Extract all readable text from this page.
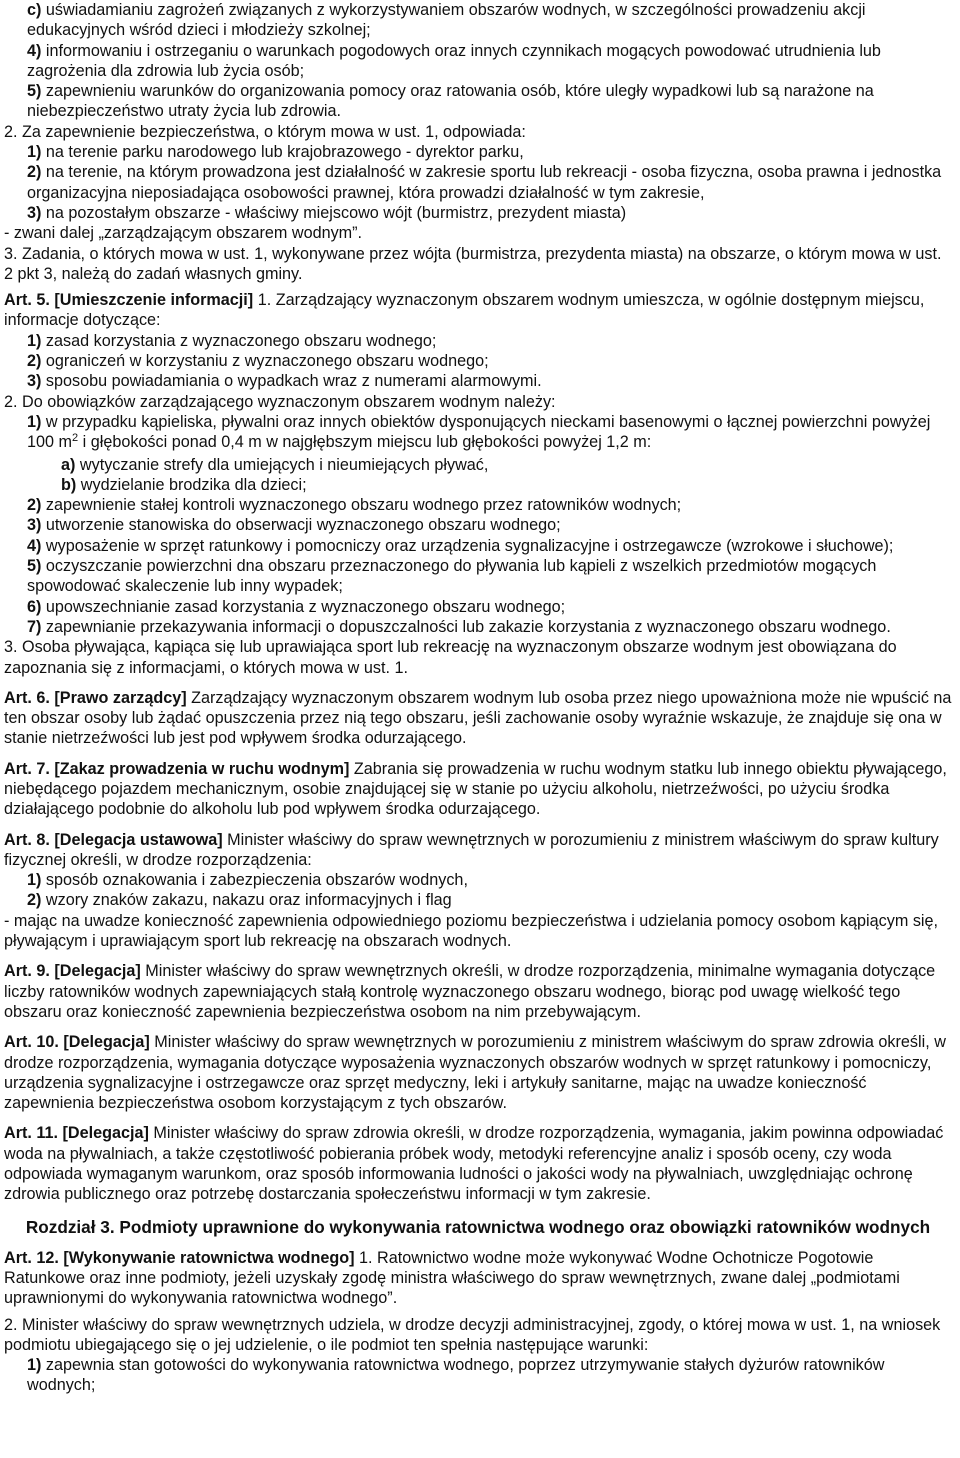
c) uświadamianiu zagrożeń związanych z wykorzystywaniem obszarów wodnych, w szczególności prowadzeniu akcji edukacyjnych wśród dzieci i młodzieży szkolnej;

4) informowaniu i ostrzeganiu o warunkach pogodowych oraz innych czynnikach mogących powodować utrudnienia lub zagrożenia dla zdrowia lub życia osób;

5) zapewnieniu warunków do organizowania pomocy oraz ratowania osób, które uległy wypadkowi lub są narażone na niebezpieczeństwo utraty życia lub zdrowia.

2. Za zapewnienie bezpieczeństwa, o którym mowa w ust. 1, odpowiada:

1) na terenie parku narodowego lub krajobrazowego - dyrektor parku,

2) na terenie, na którym prowadzona jest działalność w zakresie sportu lub rekreacji - osoba fizyczna, osoba prawna i jednostka organizacyjna nieposiadająca osobowości prawnej, która prowadzi działalność w tym zakresie,

3) na pozostałym obszarze - właściwy miejscowo wójt (burmistrz, prezydent miasta)

- zwani dalej „zarządzającym obszarem wodnym”.

3. Zadania, o których mowa w ust. 1, wykonywane przez wójta (burmistrza, prezydenta miasta) na obszarze, o którym mowa w ust. 2 pkt 3, należą do zadań własnych gminy.

Art. 5. [Umieszczenie informacji] 1. Zarządzający wyznaczonym obszarem wodnym umieszcza, w ogólnie dostępnym miejscu, informacje dotyczące:

1) zasad korzystania z wyznaczonego obszaru wodnego;

2) ograniczeń w korzystaniu z wyznaczonego obszaru wodnego;

3) sposobu powiadamiania o wypadkach wraz z numerami alarmowymi.

2. Do obowiązków zarządzającego wyznaczonym obszarem wodnym należy:

1) w przypadku kąpieliska, pływalni oraz innych obiektów dysponujących nieckami basenowymi o łącznej powierzchni powyżej 100 $m^2$ i głębokości ponad 0,4 m w najgłębszym miejscu lub głębokości powyżej 1,2 m:

a) wytyczanie strefy dla umiejących i nieumiejących pływać,

b) wydzielanie brodzika dla dzieci;

2) zapewnienie stałej kontroli wyznaczonego obszaru wodnego przez ratowników wodnych;

3) utworzenie stanowiska do obserwacji wyznaczonego obszaru wodnego;

4) wyposażenie w sprzęt ratunkowy i pomocniczy oraz urządzenia sygnalizacyjne i ostrzegawcze (wzrokowe i słuchowe);

5) oczyszczanie powierzchni dna obszaru przeznaczonego do pływania lub kąpieli z wszelkich przedmiotów mogących spowodować skaleczenie lub inny wypadek;

6) upowszechnianie zasad korzystania z wyznaczonego obszaru wodnego;

7) zapewnianie przekazywania informacji o dopuszczalności lub zakazie korzystania z wyznaczonego obszaru wodnego.

3. Osoba pływająca, kąpiąca się lub uprawiająca sport lub rekreację na wyznaczonym obszarze wodnym jest obowiązana do zapoznania się z informacjami, o których mowa w ust. 1.

Art. 6. [Prawo zarządcy] Zarządzający wyznaczonym obszarem wodnym lub osoba przez niego upoważniona może nie wpuścić na ten obszar osoby lub żądać opuszczenia przez nią tego obszaru, jeśli zachowanie osoby wyraźnie wskazuje, że znajduje się ona w stanie nietrzeźwości lub jest pod wpływem środka odurzającego.

Art. 7. [Zakaz prowadzenia w ruchu wodnym] Zabrania się prowadzenia w ruchu wodnym statku lub innego obiektu pływającego, niebędącego pojazdem mechanicznym, osobie znajdującej się w stanie po użyciu alkoholu, nietrzeźwości, po użyciu środka działającego podobnie do alkoholu lub pod wpływem środka odurzającego.

Art. 8. [Delegacja ustawowa] Minister właściwy do spraw wewnętrznych w porozumieniu z ministrem właściwym do spraw kultury fizycznej określi, w drodze rozporządzenia:

1) sposób oznakowania i zabezpieczenia obszarów wodnych,

2) wzory znaków zakazu, nakazu oraz informacyjnych i flag

- mając na uwadze konieczność zapewnienia odpowiedniego poziomu bezpieczeństwa i udzielania pomocy osobom kąpiącym się, pływającym i uprawiającym sport lub rekreację na obszarach wodnych.

Art. 9. [Delegacja] Minister właściwy do spraw wewnętrznych określi, w drodze rozporządzenia, minimalne wymagania dotyczące liczby ratowników wodnych zapewniających stałą kontrolę wyznaczonego obszaru wodnego, biorąc pod uwagę wielkość tego obszaru oraz konieczność zapewnienia bezpieczeństwa osobom na nim przebywającym.

Art. 10. [Delegacja] Minister właściwy do spraw wewnętrznych w porozumieniu z ministrem właściwym do spraw zdrowia określi, w drodze rozporządzenia, wymagania dotyczące wyposażenia wyznaczonych obszarów wodnych w sprzęt ratunkowy i pomocniczy, urządzenia sygnalizacyjne i ostrzegawcze oraz sprzęt medyczny, leki i artykuły sanitarne, mając na uwadze konieczność zapewnienia bezpieczeństwa osobom korzystającym z tych obszarów.

Art. 11. [Delegacja] Minister właściwy do spraw zdrowia określi, w drodze rozporządzenia, wymagania, jakim powinna odpowiadać woda na pływalniach, a także częstotliwość pobierania próbek wody, metodyki referencyjne analiz i sposób oceny, czy woda odpowiada wymaganym warunkom, oraz sposób informowania ludności o jakości wody na pływalniach, uwzględniając ochronę zdrowia publicznego oraz potrzebę dostarczania społeczeństwu informacji w tym zakresie.

Rozdział 3. Podmioty uprawnione do wykonywania ratownictwa wodnego oraz obowiązki ratowników wodnych

Art. 12. [Wykonywanie ratownictwa wodnego] 1. Ratownictwo wodne może wykonywać Wodne Ochotnicze Pogotowie Ratunkowe oraz inne podmioty, jeżeli uzyskały zgodę ministra właściwego do spraw wewnętrznych, zwane dalej „podmiotami uprawnionymi do wykonywania ratownictwa wodnego”.

2. Minister właściwy do spraw wewnętrznych udziela, w drodze decyzji administracyjnej, zgody, o której mowa w ust. 1, na wniosek podmiotu ubiegającego się o jej udzielenie, o ile podmiot ten spełnia następujące warunki:

1) zapewnia stan gotowości do wykonywania ratownictwa wodnego, poprzez utrzymywanie stałych dyżurów ratowników wodnych;
